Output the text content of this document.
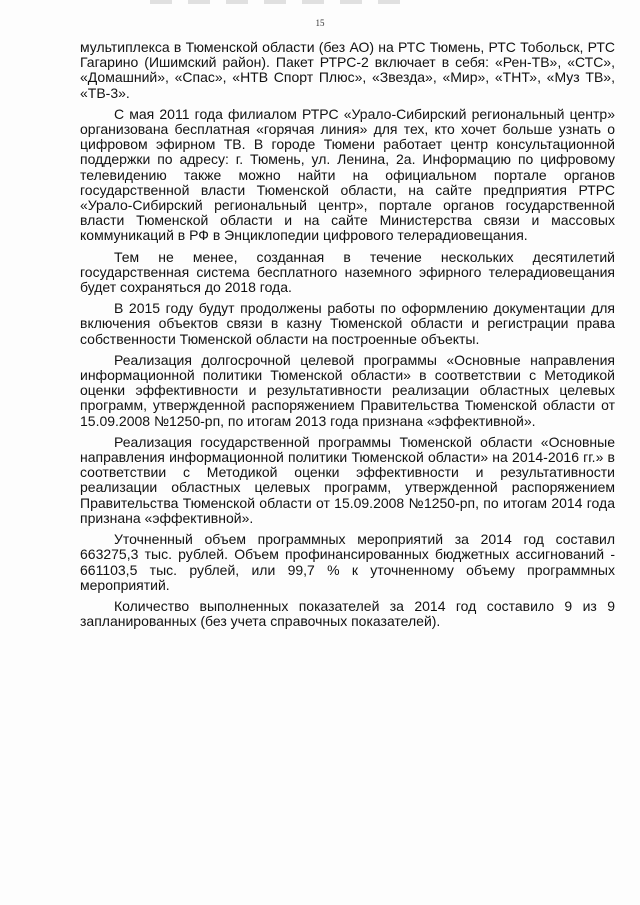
15

мультиплекса в Тюменской области (без АО) на РТС Тюмень, РТС Тобольск, РТС Гагарино (Ишимский район). Пакет РТРС-2 включает в себя: «Рен-ТВ», «СТС», «Домашний», «Спас», «НТВ Спорт Плюс», «Звезда», «Мир», «ТНТ», «Муз ТВ», «ТВ-3».

С мая 2011 года филиалом РТРС «Урало-Сибирский региональный центр» организована бесплатная «горячая линия» для тех, кто хочет больше узнать о цифровом эфирном ТВ. В городе Тюмени работает центр консультационной поддержки по адресу: г. Тюмень, ул. Ленина, 2а. Информацию по цифровому телевидению также можно найти на официальном портале органов государственной власти Тюменской области, на сайте предприятия РТРС «Урало-Сибирский региональный центр», портале органов государственной власти Тюменской области и на сайте Министерства связи и массовых коммуникаций в РФ в Энциклопедии цифрового телерадиовещания.

Тем не менее, созданная в течение нескольких десятилетий государственная система бесплатного наземного эфирного телерадиовещания будет сохраняться до 2018 года.

В 2015 году будут продолжены работы по оформлению документации для включения объектов связи в казну Тюменской области и регистрации права собственности Тюменской области на построенные объекты.

Реализация долгосрочной целевой программы «Основные направления информационной политики Тюменской области» в соответствии с Методикой оценки эффективности и результативности реализации областных целевых программ, утвержденной распоряжением Правительства Тюменской области от 15.09.2008 №1250-рп, по итогам 2013 года признана «эффективной».

Реализация государственной программы Тюменской области «Основные направления информационной политики Тюменской области» на 2014-2016 гг.» в соответствии с Методикой оценки эффективности и результативности реализации областных целевых программ, утвержденной распоряжением Правительства Тюменской области от 15.09.2008 №1250-рп, по итогам 2014 года признана «эффективной».

Уточненный объем программных мероприятий за 2014 год составил 663275,3 тыс. рублей. Объем профинансированных бюджетных ассигнований - 661103,5 тыс. рублей, или 99,7 % к уточненному объему программных мероприятий.

Количество выполненных показателей за 2014 год составило 9 из 9 запланированных (без учета справочных показателей).
